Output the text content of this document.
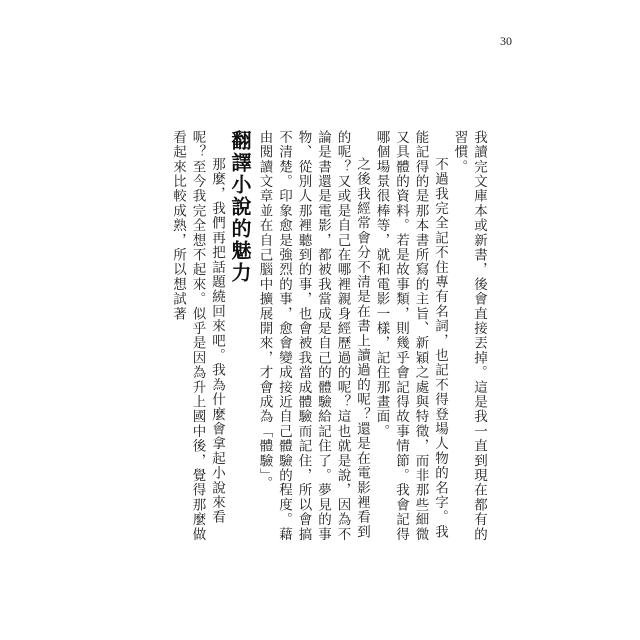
30

我讀完文庫本或新書，後會直接丟掉。這是我一直到現在都有的習慣。

不過我完全記不住專有名詞，也記不得登場人物的名字。我能記得的是那本書所寫的主旨、新穎之處與特徵，而非那些細微又具體的資料。若是故事類，則幾乎會記得故事情節。我會記得哪個場景很棒等，就和電影一樣，記住那畫面。

之後我經常會分不清是在書上讀過的呢？還是在電影裡看到的呢？又或是自己在哪裡親身經歷過的呢？這也就是說，因為不論是書還是電影，都被我當成是自己的體驗給記住了。夢見的事物、從別人那裡聽到的事，也會被我當成體驗而記住，所以會搞不清楚。印象愈是強烈的事，愈會變成接近自己體驗的程度。藉由閱讀文章並在自己腦中擴展開來，才會成為「體驗」。

翻譯小說的魅力

那麼，我們再把話題繞回來吧。我為什麼會拿起小說來看呢？至今我完全想不起來。似乎是因為升上國中後，覺得那麼做看起來比較成熟，所以想試著
